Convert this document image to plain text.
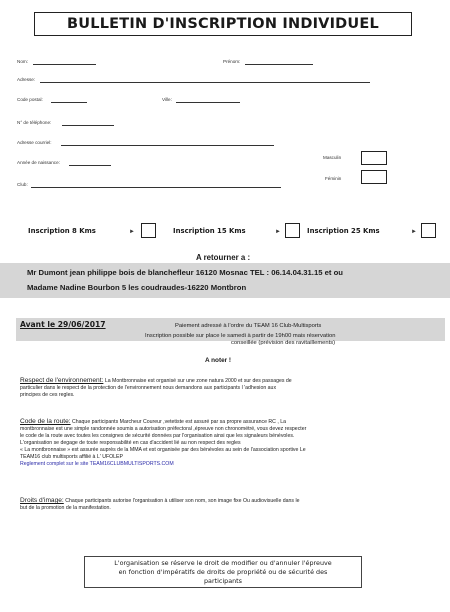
BULLETIN D'INSCRIPTION INDIVIDUEL
Nom:	Prénom:
Adresse:
Code postal:	Ville:
N° de téléphone:
Adresse courriel:
Année de naissance:
Masculin
Féminin
Club:
Inscription 8 Kms	►	Inscription 15 Kms	►	Inscription 25 Kms	►
A retourner a :
Mr Dumont jean philippe bois de blanchefleur 16120 Mosnac TEL : 06.14.04.31.15 et ou
Madame Nadine Bourbon 5 les coudraudes-16220 Montbron
Avant le 29/06/2017	Paiement adressé à l'ordre du TEAM 16 Club-Multisports
Inscription possible sur place le samedi à partir de 19h00 mais réservation
conseillée (prévision des ravitaillements)
A noter !
Respect de l'environnement: La Montbronnaise est organisé sur une zone natura 2000 et sur des passages de
particulier dans le respect de la protection de l'environnement nous demandons aux participants l 'adhesion aux
principes de ces regles.
Code de la route: Chaque participants Marcheur Coureur ,vetetiste est assuré par sa propre assurance RC , La
montbronnaise est une simple randonnée soumis a autorisation préfectoral ,épreuve non chronométré, vous devez respecter
le code de la route avec toutes les consignes de sécurité données par l'organisation ainsi que les signaleurs bénévoles.
L'organisation se degage de toute responsabilité en cas d'accident lié au non respect des regles
« La montbronnaise » est assurée auprès de la MMA et est organisée par des bénévoles au sein de l'association sportive Le
TEAM16 club multisports affilié à L' UFOLEP
Reglement complet sur le site TEAM16CLUBMULTISPORTS.COM
Droits d'image: Chaque participants autorise l'organisation à utiliser son nom, son image fixe Ou audiovisuelle dans le
but de la promotion de la manifestation.
L'organisation se réserve le droit de modifier ou d'annuler l'épreuve
en fonction d'impératifs de droits de propriété ou de sécurité des
participants
